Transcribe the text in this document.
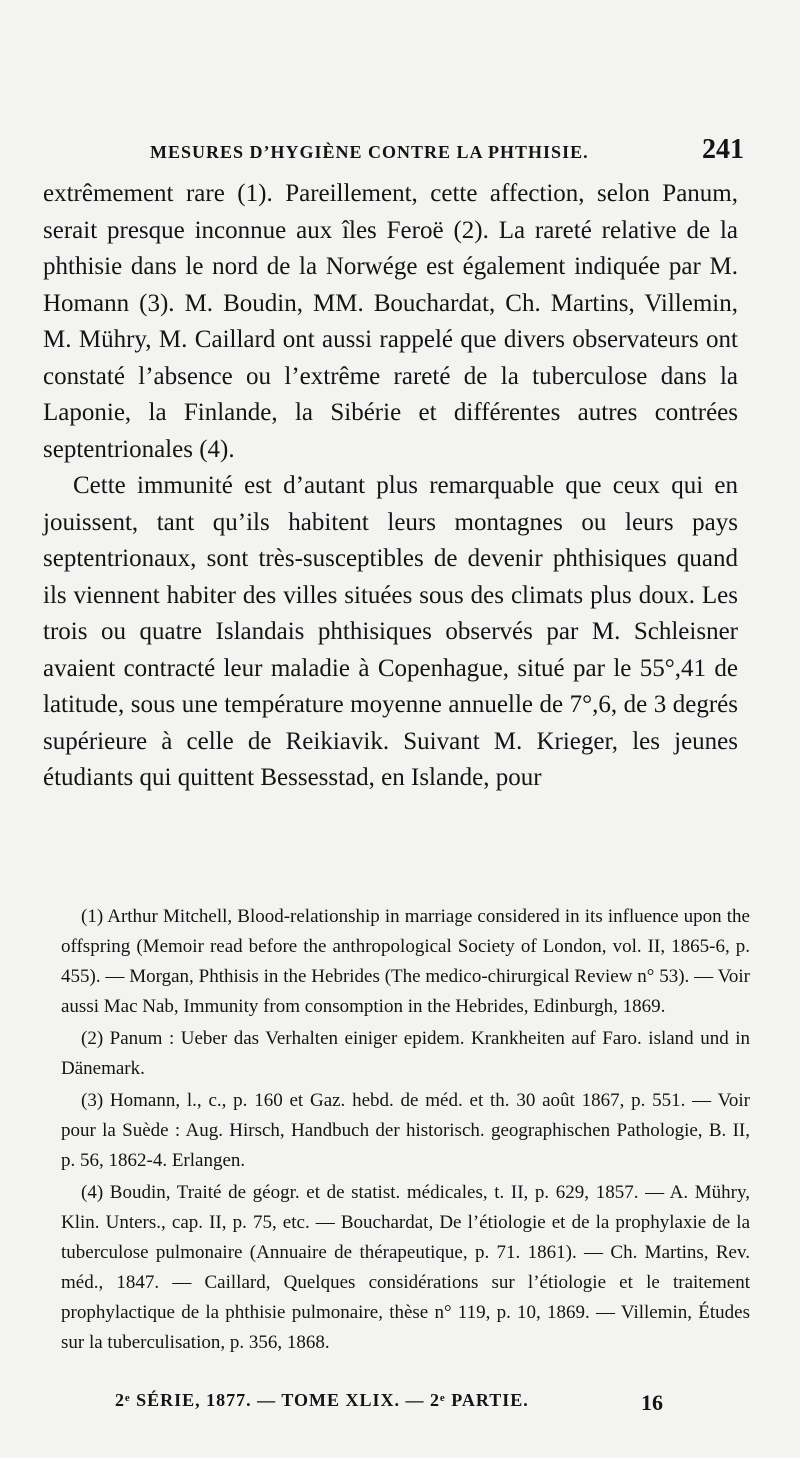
MESURES D’HYGIÈNE CONTRE LA PHTHISIE.	241

extrêmement rare (1). Pareillement, cette affection, selon Panum, serait presque inconnue aux îles Feroë (2). La rareté relative de la phthisie dans le nord de la Norwége est également indiquée par M. Homann (3). M. Boudin, MM. Bouchardat, Ch. Martins, Villemin, M. Mühry, M. Caillard ont aussi rappelé que divers observateurs ont constaté l’absence ou l’extrême rareté de la tuberculose dans la Laponie, la Finlande, la Sibérie et différentes autres contrées septentrionales (4).

Cette immunité est d’autant plus remarquable que ceux qui en jouissent, tant qu’ils habitent leurs montagnes ou leurs pays septentrionaux, sont très-susceptibles de devenir phthisiques quand ils viennent habiter des villes situées sous des climats plus doux. Les trois ou quatre Islandais phthisiques observés par M. Schleisner avaient contracté leur maladie à Copenhague, situé par le 55°,41 de latitude, sous une température moyenne annuelle de 7°,6, de 3 degrés supérieure à celle de Reikiavik. Suivant M. Krieger, les jeunes étudiants qui quittent Bessesstad, en Islande, pour

(1) Arthur Mitchell, Blood-relationship in marriage considered in its influence upon the offspring (Memoir read before the anthropological Society of London, vol. II, 1865-6, p. 455). — Morgan, Phthisis in the Hebrides (The medico-chirurgical Review n° 53). — Voir aussi Mac Nab, Immunity from consomption in the Hebrides, Edinburgh, 1869.

(2) Panum : Ueber das Verhalten einiger epidem. Krankheiten auf Faro. island und in Dänemark.

(3) Homann, l., c., p. 160 et Gaz. hebd. de méd. et th. 30 août 1867, p. 551. — Voir pour la Suède : Aug. Hirsch, Handbuch der historisch. geographischen Pathologie, B. II, p. 56, 1862-4. Erlangen.

(4) Boudin, Traité de géogr. et de statist. médicales, t. II, p. 629, 1857. — A. Mühry, Klin. Unters., cap. II, p. 75, etc. — Bouchardat, De l’étiologie et de la prophylaxie de la tuberculose pulmonaire (Annuaire de thérapeutique, p. 71. 1861). — Ch. Martins, Rev. méd., 1847. — Caillard, Quelques considérations sur l’étiologie et le traitement prophylactique de la phthisie pulmonaire, thèse n° 119, p. 10, 1869. — Villemin, Études sur la tuberculisation, p. 356, 1868.

2ᵉ SÉRIE, 1877. — TOME XLIX. — 2ᵉ PARTIE.	16
